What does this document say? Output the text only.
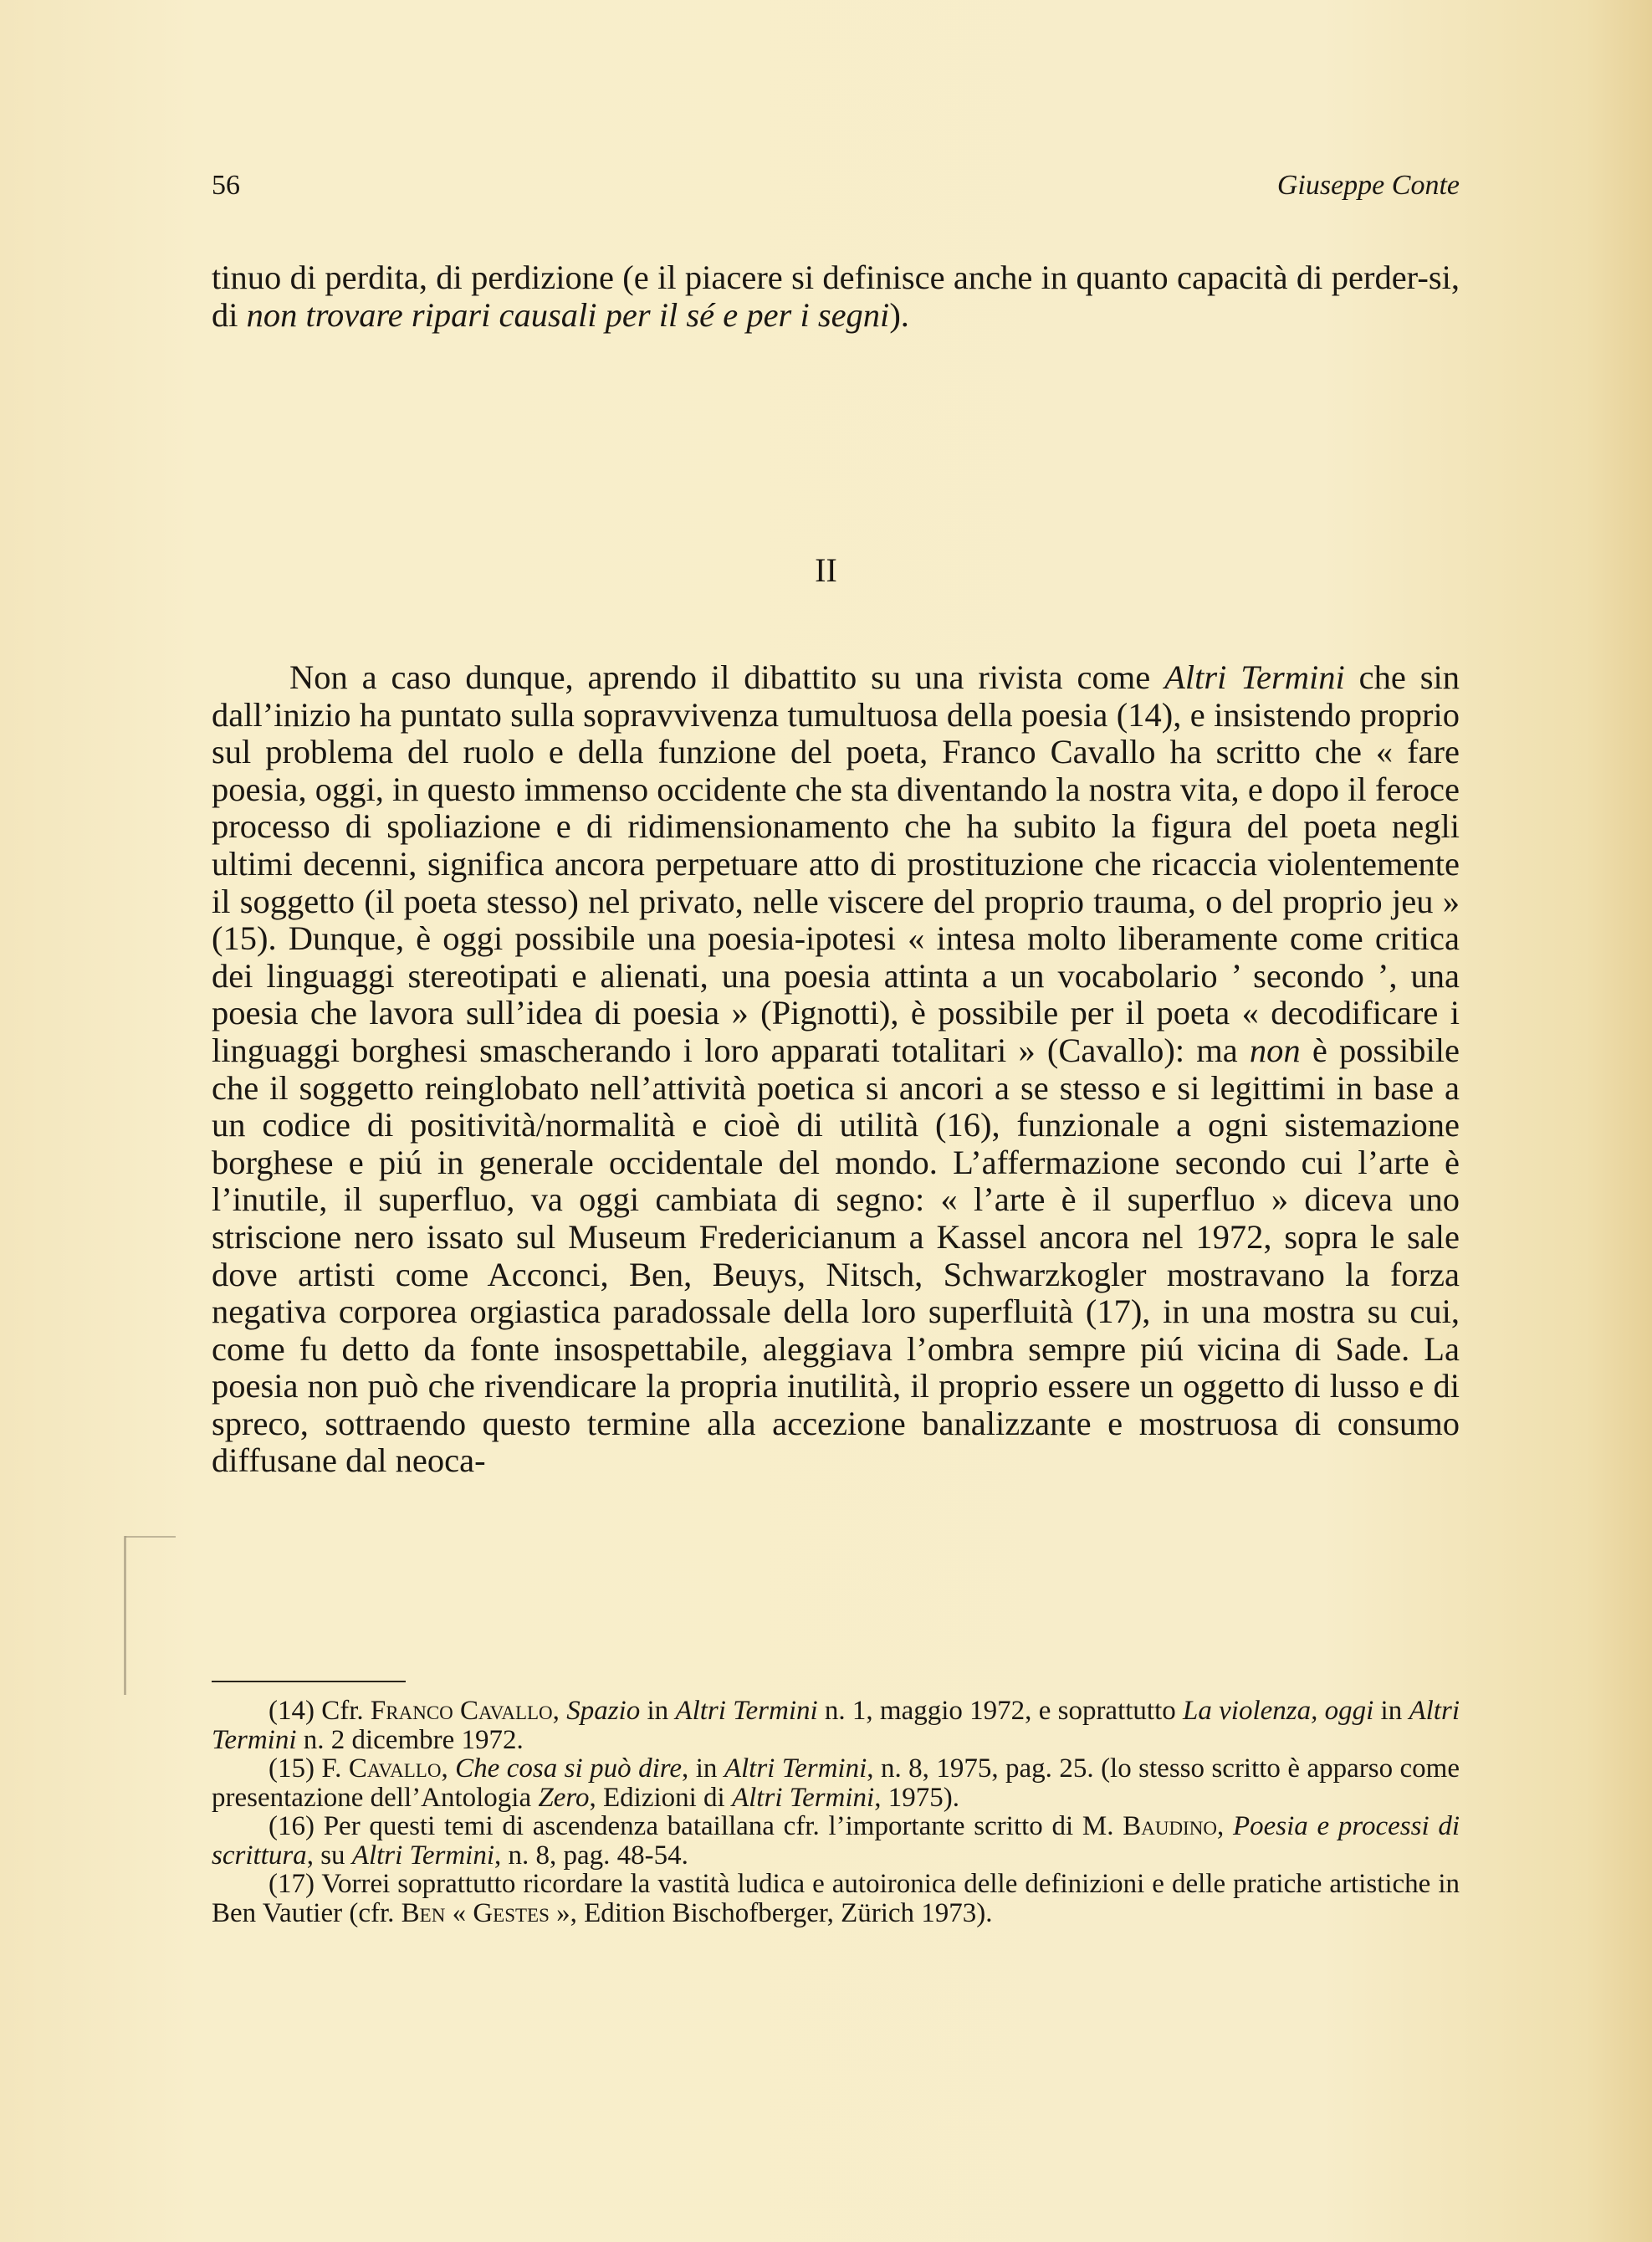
56	Giuseppe Conte
tinuo di perdita, di perdizione (e il piacere si definisce anche in quanto capacità di perder-si, di non trovare ripari causali per il sé e per i segni).
II
Non a caso dunque, aprendo il dibattito su una rivista come Altri Termini che sin dall’inizio ha puntato sulla sopravvivenza tumultuosa della poesia (14), e insistendo proprio sul problema del ruolo e della funzione del poeta, Franco Cavallo ha scritto che « fare poesia, oggi, in questo immenso occidente che sta diventando la nostra vita, e dopo il feroce processo di spoliazione e di ridimensionamento che ha subito la figura del poeta negli ultimi decenni, significa ancora perpetuare atto di prostituzione che ricaccia violentemente il soggetto (il poeta stesso) nel privato, nelle viscere del proprio trauma, o del proprio jeu » (15). Dunque, è oggi possibile una poesia-ipotesi « intesa molto liberamente come critica dei linguaggi stereotipati e alienati, una poesia attinta a un vocabolario ’ secondo ’, una poesia che lavora sull’idea di poesia » (Pignotti), è possibile per il poeta « decodificare i linguaggi borghesi smascherando i loro apparati totalitari » (Cavallo): ma non è possibile che il soggetto reinglobato nell’attività poetica si ancori a se stesso e si legittimi in base a un codice di positività/normalità e cioè di utilità (16), funzionale a ogni sistemazione borghese e piú in generale occidentale del mondo. L’affermazione secondo cui l’arte è l’inutile, il superfluo, va oggi cambiata di segno: « l’arte è il superfluo » diceva uno striscione nero issato sul Museum Fredericianum a Kassel ancora nel 1972, sopra le sale dove artisti come Acconci, Ben, Beuys, Nitsch, Schwarzkogler mostravano la forza negativa corporea orgiastica paradossale della loro superfluità (17), in una mostra su cui, come fu detto da fonte insospettabile, aleggiava l’ombra sempre piú vicina di Sade. La poesia non può che rivendicare la propria inutilità, il proprio essere un oggetto di lusso e di spreco, sottraendo questo termine alla accezione banalizzante e mostruosa di consumo diffusane dal neoca-

(14) Cfr. Franco Cavallo, Spazio in Altri Termini n. 1, maggio 1972, e soprattutto La violenza, oggi in Altri Termini n. 2 dicembre 1972.

(15) F. Cavallo, Che cosa si può dire, in Altri Termini, n. 8, 1975, pag. 25. (lo stesso scritto è apparso come presentazione dell’Antologia Zero, Edizioni di Altri Termini, 1975).

(16) Per questi temi di ascendenza bataillana cfr. l’importante scritto di M. Baudino, Poesia e processi di scrittura, su Altri Termini, n. 8, pag. 48-54.

(17) Vorrei soprattutto ricordare la vastità ludica e autoironica delle definizioni e delle pratiche artistiche in Ben Vautier (cfr. Ben « Gestes », Edition Bischofberger, Zürich 1973).
